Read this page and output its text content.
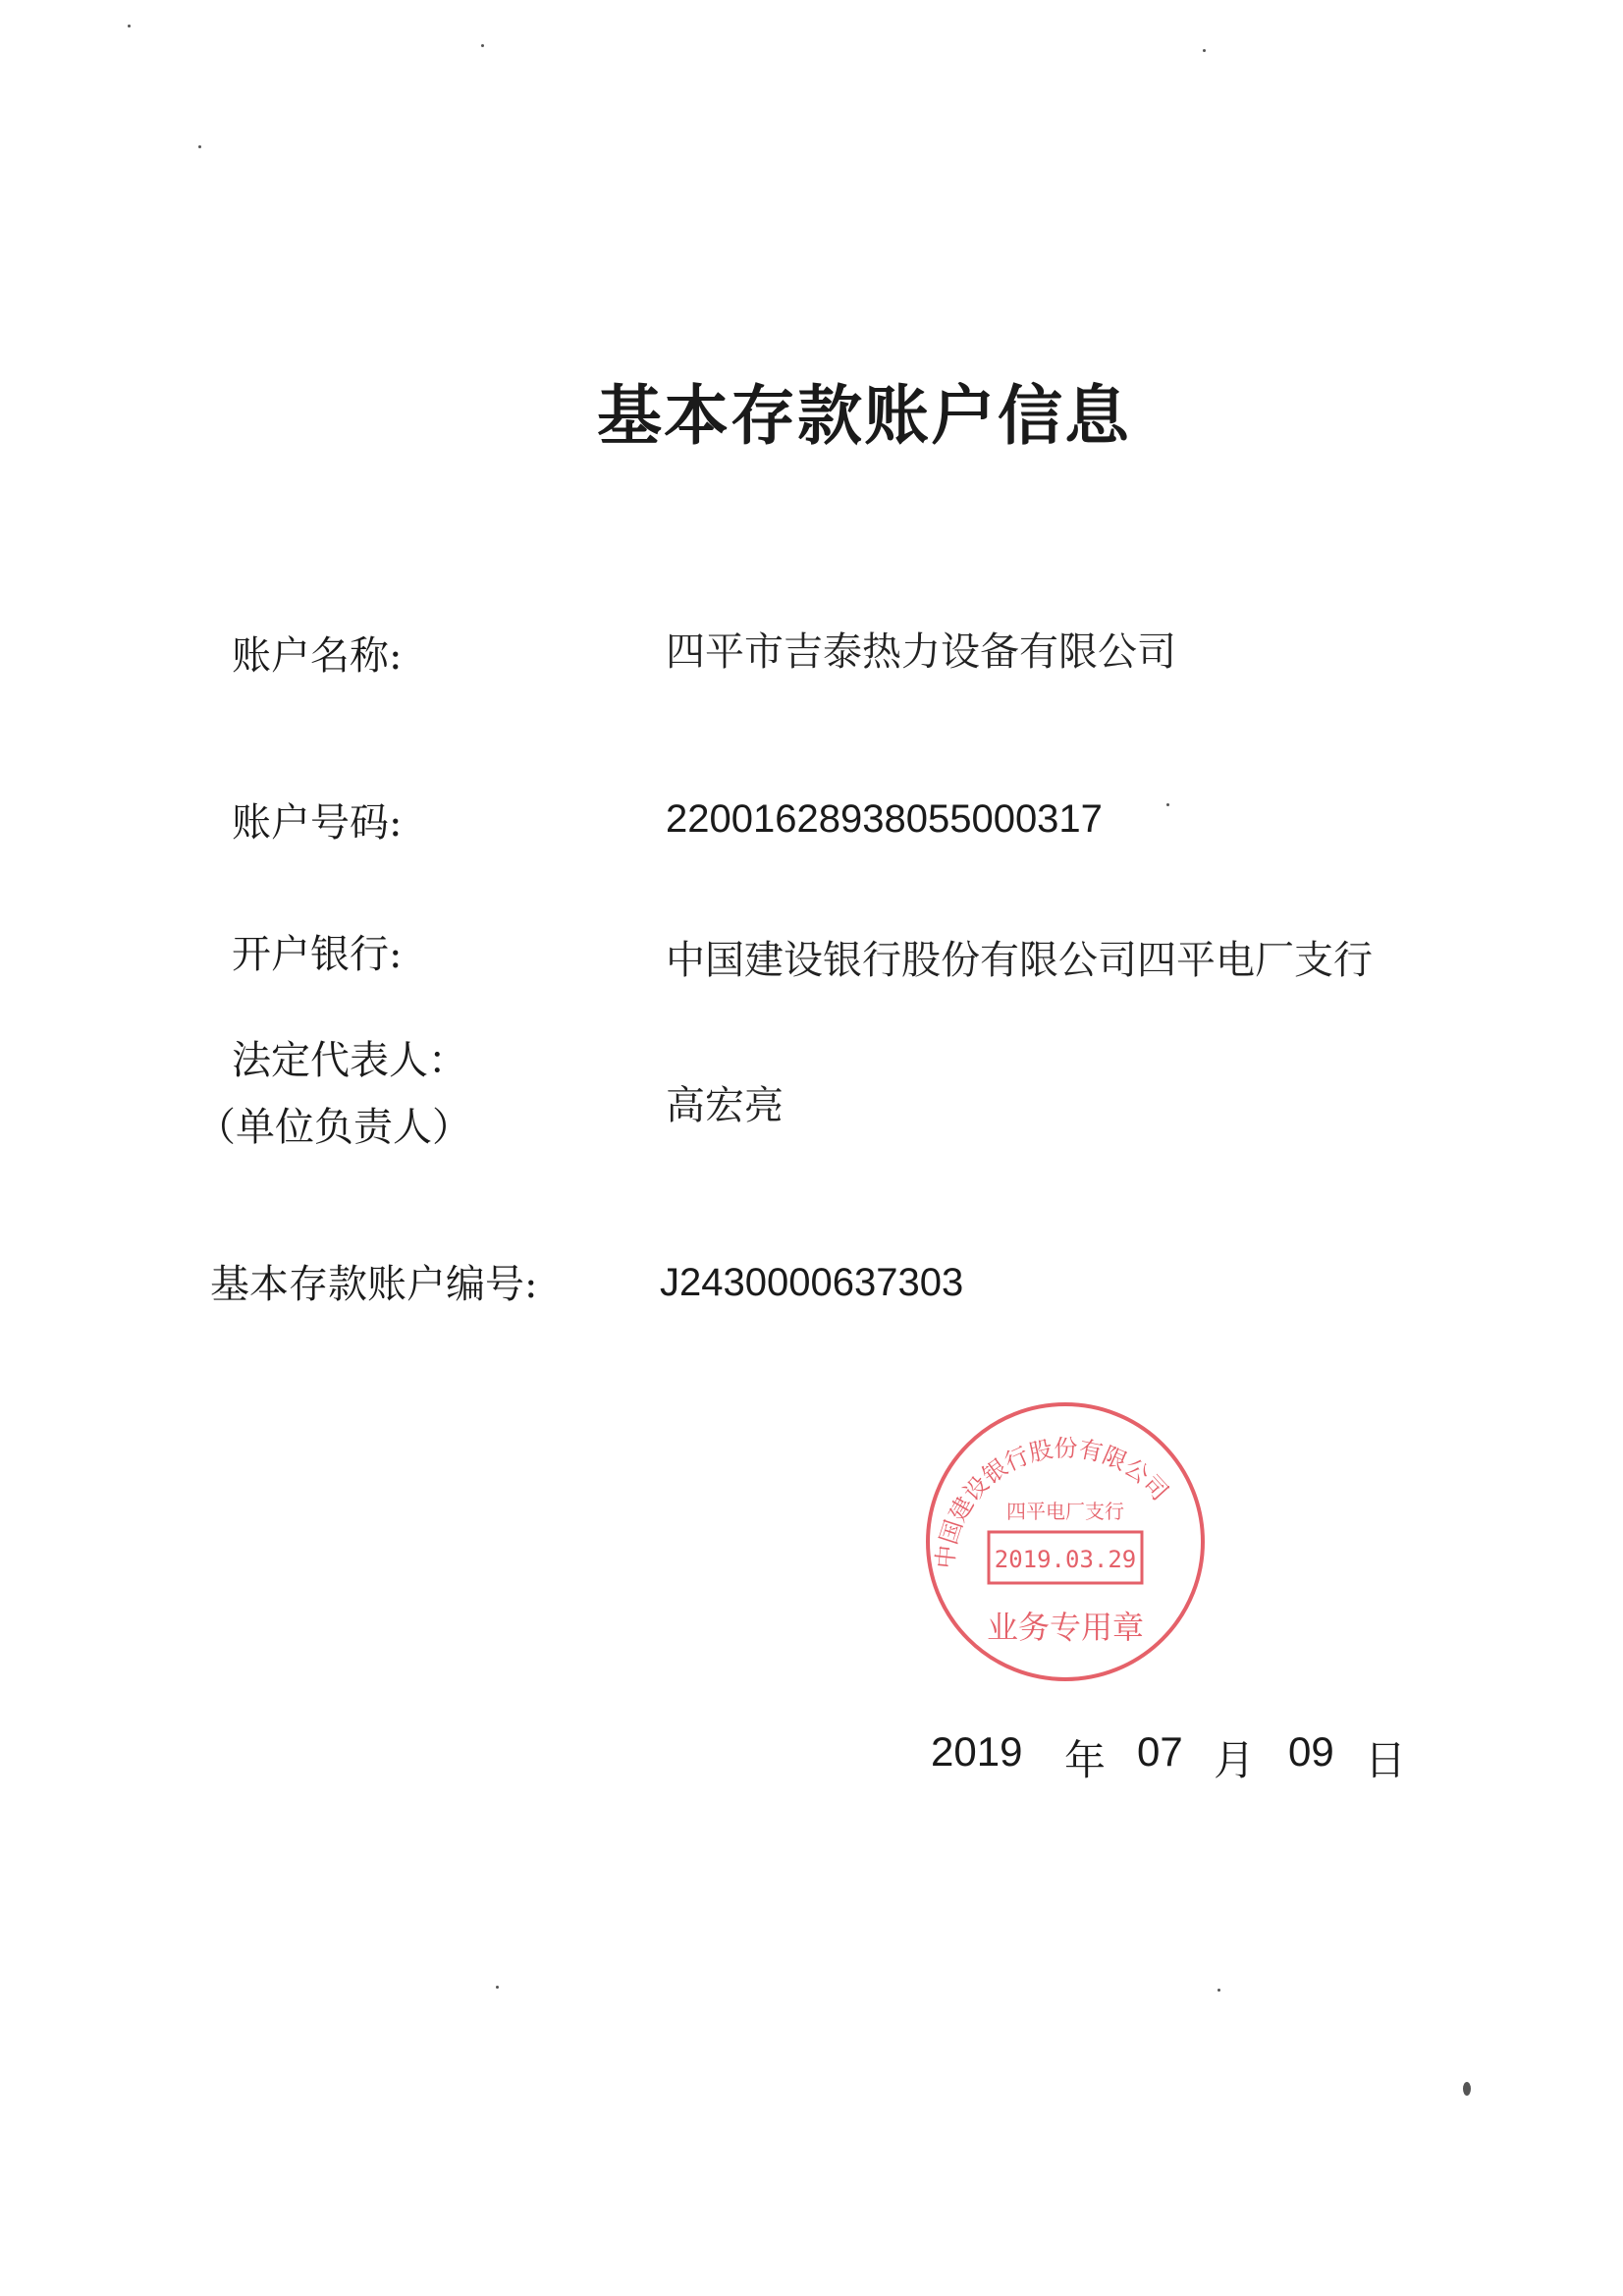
基本存款账户信息
账户名称:	四平市吉泰热力设备有限公司
账户号码:	22001628938055000317
开户银行:	中国建设银行股份有限公司四平电厂支行
法定代表人：
（单位负责人）	高宏亮
基本存款账户编号:	J2430000637303
中国建设银行股份有限公司
四平电厂支行
2019.03.29
业务专用章
2019 年 07 月 09 日
